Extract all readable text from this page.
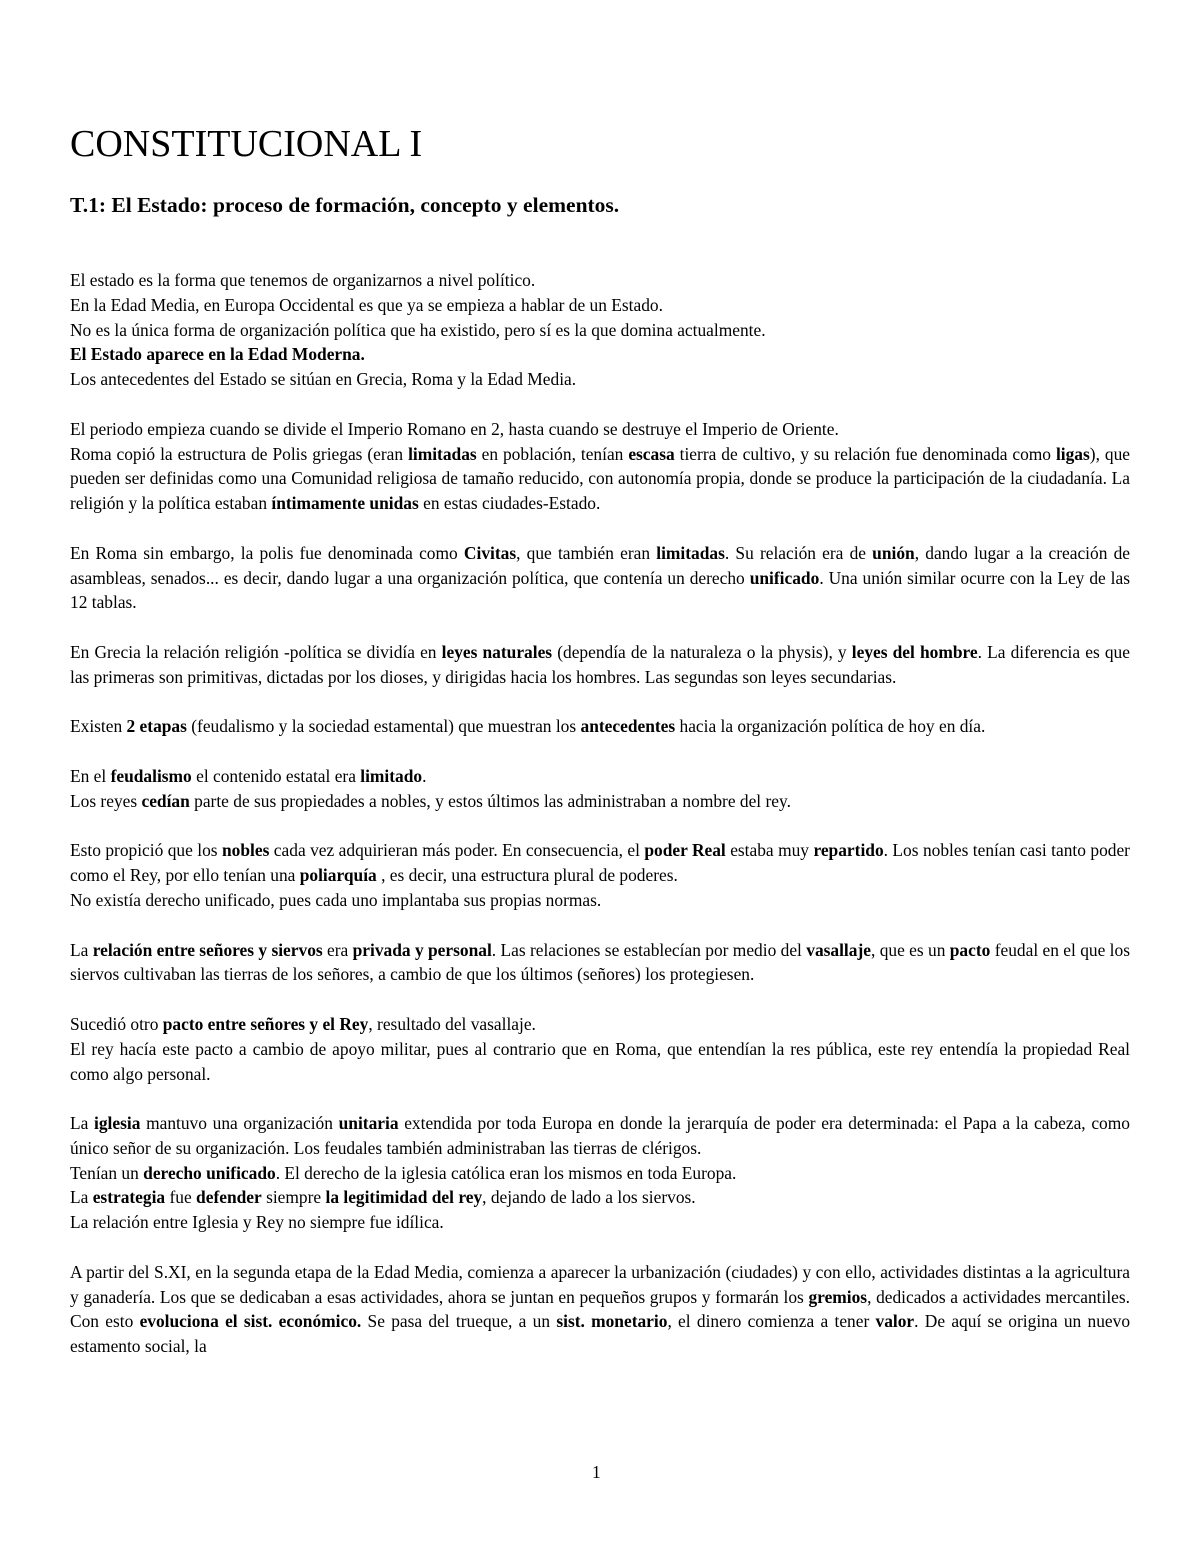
CONSTITUCIONAL I
T.1: El Estado: proceso de formación, concepto y elementos.

El estado es la forma que tenemos de organizarnos a nivel político.

En la Edad Media, en Europa Occidental es que ya se empieza a hablar de un Estado.

No es la única forma de organización política que ha existido, pero sí es la que domina actualmente.

El Estado aparece en la Edad Moderna.

Los antecedentes del Estado se sitúan en Grecia, Roma y la Edad Media.

El periodo empieza cuando se divide el Imperio Romano en 2, hasta cuando se destruye el Imperio de Oriente.

Roma copió la estructura de Polis griegas (eran limitadas en población, tenían escasa tierra de cultivo, y su relación fue denominada como ligas), que pueden ser definidas como una Comunidad religiosa de tamaño reducido, con autonomía propia, donde se produce la participación de la ciudadanía. La religión y la política estaban íntimamente unidas en estas ciudades-Estado.

En Roma sin embargo, la polis fue denominada como Civitas, que también eran limitadas. Su relación era de unión, dando lugar a la creación de asambleas, senados... es decir, dando lugar a una organización política, que contenía un derecho unificado. Una unión similar ocurre con la Ley de las 12 tablas.

En Grecia la relación religión -política se dividía en leyes naturales (dependía de la naturaleza o la physis), y leyes del hombre. La diferencia es que las primeras son primitivas, dictadas por los dioses, y dirigidas hacia los hombres. Las segundas son leyes secundarias.

Existen 2 etapas (feudalismo y la sociedad estamental) que muestran los antecedentes hacia la organización política de hoy en día.

En el feudalismo el contenido estatal era limitado.

Los reyes cedían parte de sus propiedades a nobles, y estos últimos las administraban a nombre del rey.

Esto propició que los nobles cada vez adquirieran más poder. En consecuencia, el poder Real estaba muy repartido. Los nobles tenían casi tanto poder como el Rey, por ello tenían una poliarquía , es decir, una estructura plural de poderes.

No existía derecho unificado, pues cada uno implantaba sus propias normas.

La relación entre señores y siervos era privada y personal. Las relaciones se establecían por medio del vasallaje, que es un pacto feudal en el que los siervos cultivaban las tierras de los señores, a cambio de que los últimos (señores) los protegiesen.

Sucedió otro pacto entre señores y el Rey, resultado del vasallaje.

El rey hacía este pacto a cambio de apoyo militar, pues al contrario que en Roma, que entendían la res pública, este rey entendía la propiedad Real como algo personal.

La iglesia mantuvo una organización unitaria extendida por toda Europa en donde la jerarquía de poder era determinada: el Papa a la cabeza, como único señor de su organización. Los feudales también administraban las tierras de clérigos.

Tenían un derecho unificado. El derecho de la iglesia católica eran los mismos en toda Europa.

La estrategia fue defender siempre la legitimidad del rey, dejando de lado a los siervos.

La relación entre Iglesia y Rey no siempre fue idílica.

A partir del S.XI, en la segunda etapa de la Edad Media, comienza a aparecer la urbanización (ciudades) y con ello, actividades distintas a la agricultura y ganadería. Los que se dedicaban a esas actividades, ahora se juntan en pequeños grupos y formarán los gremios, dedicados a actividades mercantiles. Con esto evoluciona el sist. económico. Se pasa del trueque, a un sist. monetario, el dinero comienza a tener valor. De aquí se origina un nuevo estamento social, la

1
